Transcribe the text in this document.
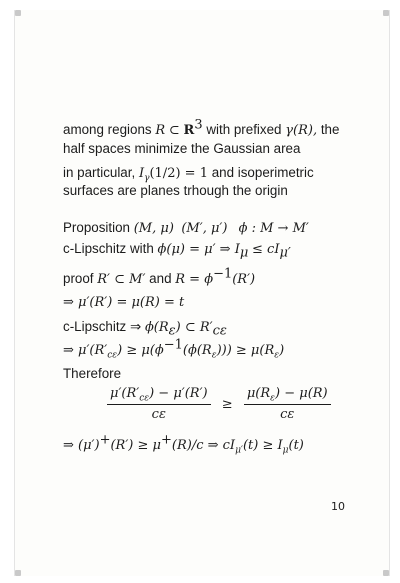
among regions R ⊂ $R^3$ with prefixed γ(R), the
half spaces minimize the Gaussian area
in particular, $I_\gamma(1/2) = 1$ and isoperimetric
surfaces are planes trhough the origin
Proposition (M, μ) (M′, μ′) ϕ : M → M′
c-Lipschitz with ϕ(μ) = μ′ ⇒ $I_\mu \le cI_{\mu'}$
proof R′ ⊂ M′ and $R = \phi^{-1}(R')$
⇒ μ′(R′) = μ(R) = t
c-Lipschitz ⇒ $\phi(R_\varepsilon)$ ⊂ $R'_{c\varepsilon}$
⇒ $\mu'(R'_{c\varepsilon}) \ge \mu(\phi^{-1}(\phi(R_\varepsilon))) \ge \mu(R_\varepsilon)$
Therefore
$\frac{\mu'(R'_{c\varepsilon}) - \mu'(R')}{c\varepsilon} \ge \frac{\mu(R_\varepsilon) - \mu(R)}{c\varepsilon}$
⇒ (μ′)+(R′) ≥ μ+(R)/c ⇒ $cI_{\mu'}(t) \ge I_\mu(t)$
10
